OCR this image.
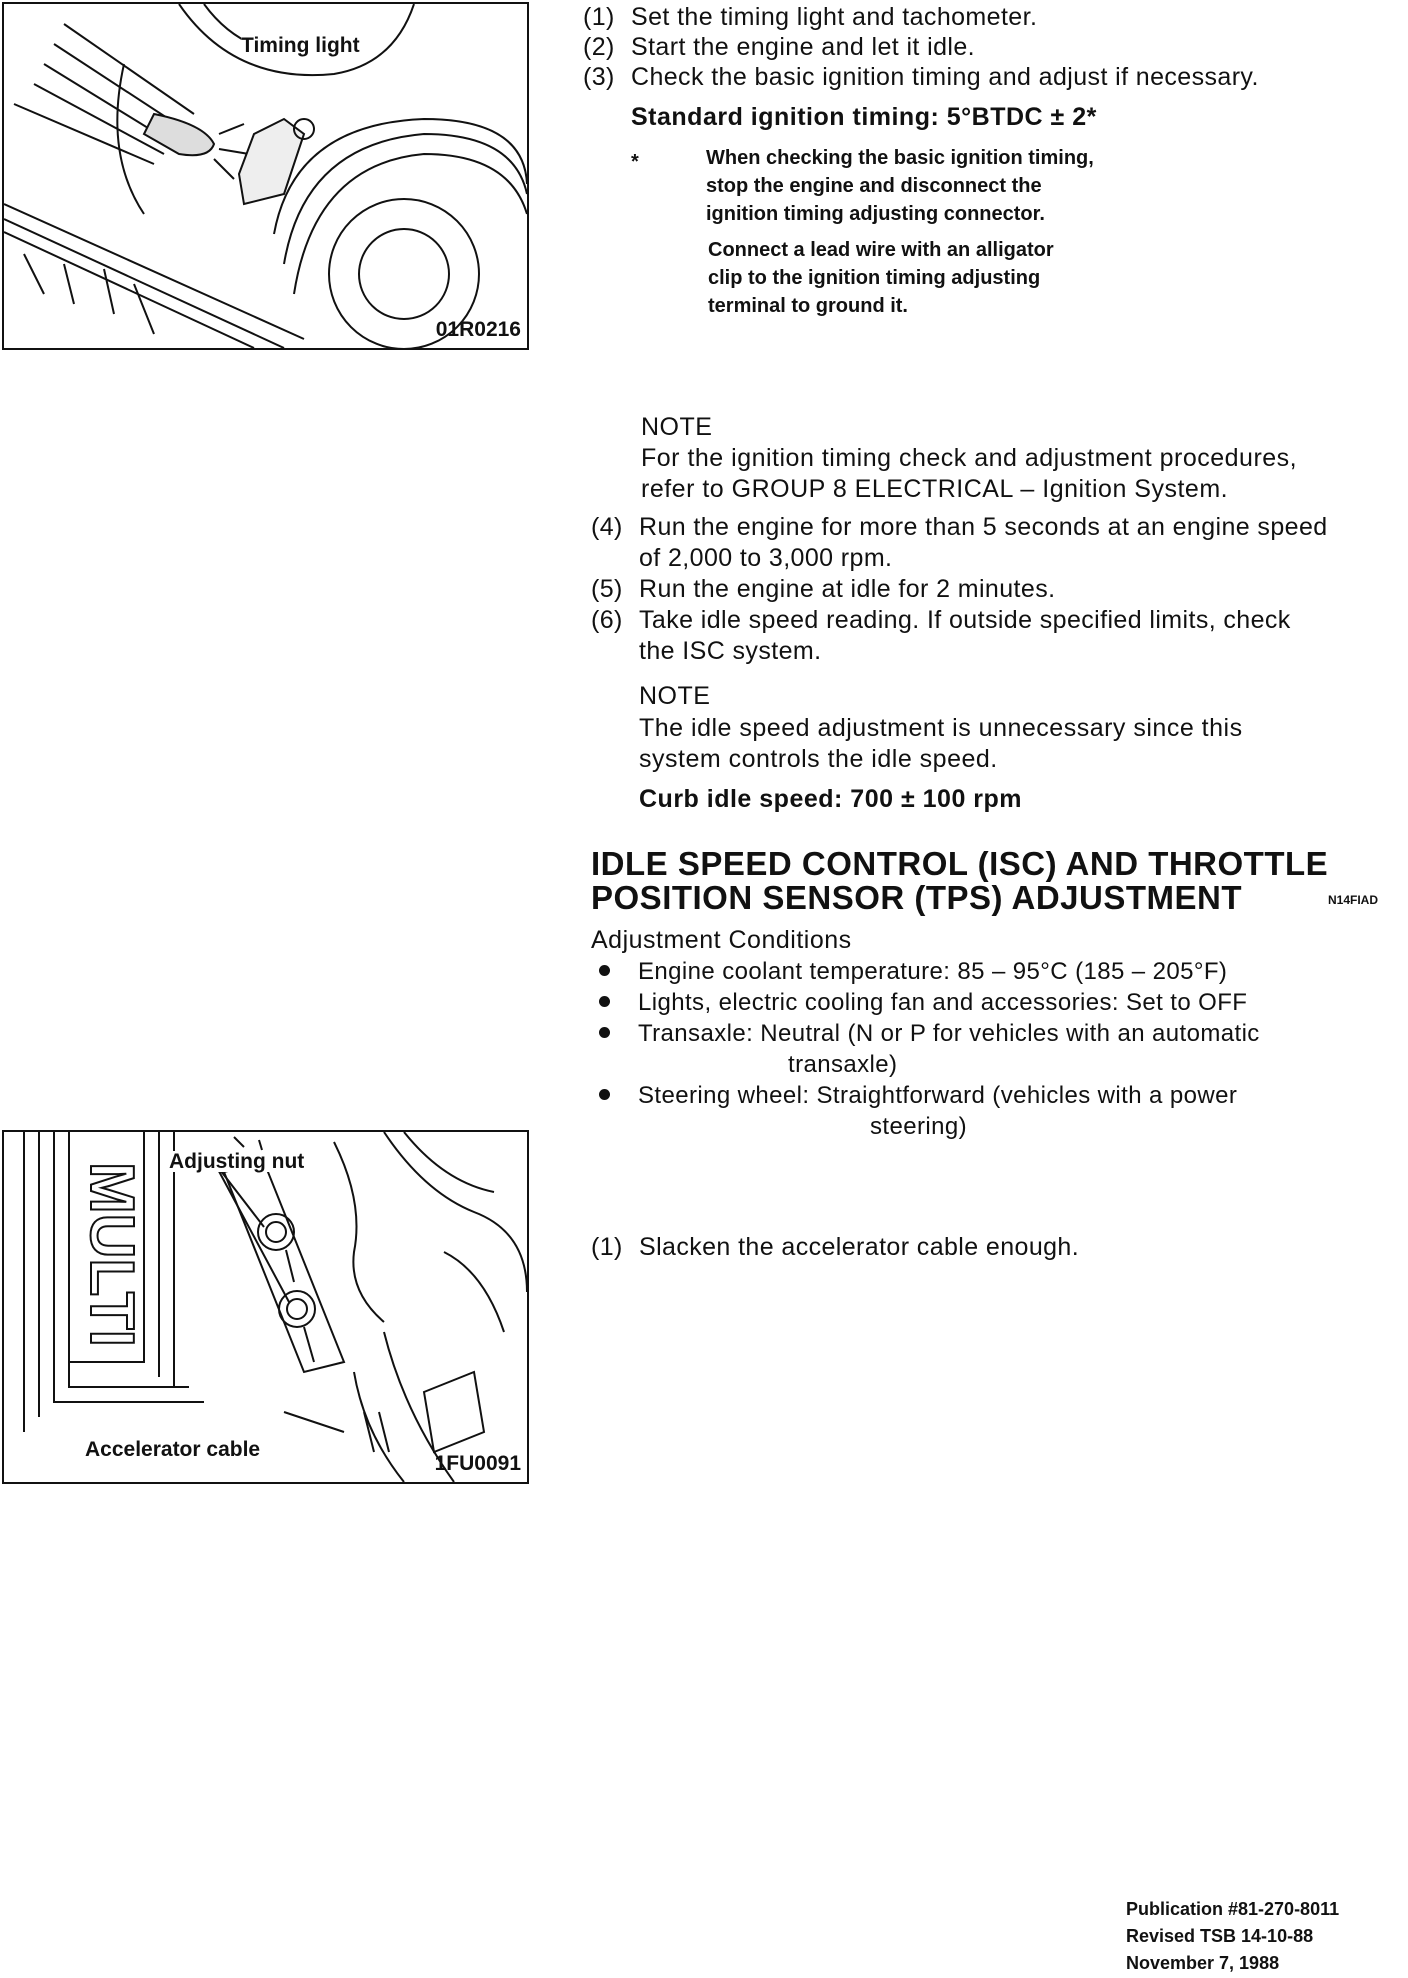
Timing light
01R0216
(1) Set the timing light and tachometer.
(2) Start the engine and let it idle.
(3) Check the basic ignition timing and adjust if necessary.
Standard ignition timing: 5°BTDC ± 2*
*	When checking the basic ignition timing,
stop the engine and disconnect the
ignition timing adjusting connector.
Connect a lead wire with an alligator
clip to the ignition timing adjusting
terminal to ground it.
NOTE
For the ignition timing check and adjustment procedures,
refer to GROUP 8 ELECTRICAL – Ignition System.
(4) Run the engine for more than 5 seconds at an engine speed
of 2,000 to 3,000 rpm.
(5) Run the engine at idle for 2 minutes.
(6) Take idle speed reading. If outside specified limits, check
the ISC system.
NOTE
The idle speed adjustment is unnecessary since this
system controls the idle speed.
Curb idle speed: 700 ± 100 rpm
IDLE SPEED CONTROL (ISC) AND THROTTLE
POSITION SENSOR (TPS) ADJUSTMENT	N14FIAD
Adjustment Conditions
Engine coolant temperature: 85 – 95°C (185 – 205°F)
Lights, electric cooling fan and accessories: Set to OFF
Transaxle: Neutral (N or P for vehicles with an automatic
transaxle)
Steering wheel: Straightforward (vehicles with a power
steering)
MULTI
Adjusting nut
Accelerator cable
1FU0091
(1) Slacken the accelerator cable enough.
Publication #81-270-8011
Revised TSB 14-10-88
November 7, 1988
